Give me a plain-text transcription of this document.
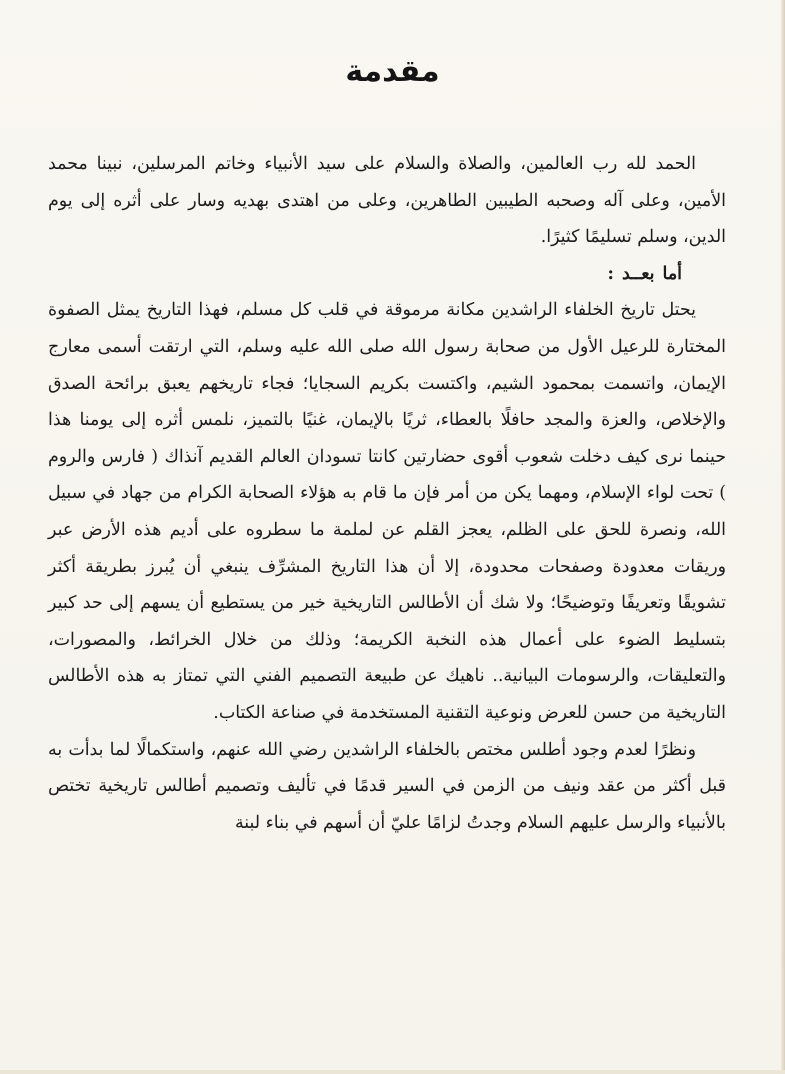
مقدمة

الحمد لله رب العالمين، والصلاة والسلام على سيد الأنبياء وخاتم المرسلين، نبينا محمد الأمين، وعلى آله وصحبه الطيبين الطاهرين، وعلى من اهتدى بهديه وسار على أثره إلى يوم الدين، وسلم تسليمًا كثيرًا.

أما بعــد :

يحتل تاريخ الخلفاء الراشدين مكانة مرموقة في قلب كل مسلم، فهذا التاريخ يمثل الصفوة المختارة للرعيل الأول من صحابة رسول الله صلى الله عليه وسلم، التي ارتقت أسمى معارج الإيمان، واتسمت بمحمود الشيم، واكتست بكريم السجايا؛ فجاء تاريخهم يعبق برائحة الصدق والإخلاص، والعزة والمجد حافلًا بالعطاء، ثريًا بالإيمان، غنيًا بالتميز، نلمس أثره إلى يومنا هذا حينما نرى كيف دخلت شعوب أقوى حضارتين كانتا تسودان العالم القديم آنذاك ( فارس والروم ) تحت لواء الإسلام، ومهما يكن من أمر فإن ما قام به هؤلاء الصحابة الكرام من جهاد في سبيل الله، ونصرة للحق على الظلم، يعجز القلم عن لملمة ما سطروه على أديم هذه الأرض عبر وريقات معدودة وصفحات محدودة، إلا أن هذا التاريخ المشرِّف ينبغي أن يُبرز بطريقة أكثر تشويقًا وتعريفًا وتوضيحًا؛ ولا شك أن الأطالس التاريخية خير من يستطيع أن يسهم إلى حد كبير بتسليط الضوء على أعمال هذه النخبة الكريمة؛ وذلك من خلال الخرائط، والمصورات، والتعليقات، والرسومات البيانية.. ناهيك عن طبيعة التصميم الفني التي تمتاز به هذه الأطالس التاريخية من حسن للعرض ونوعية التقنية المستخدمة في صناعة الكتاب.

ونظرًا لعدم وجود أطلس مختص بالخلفاء الراشدين رضي الله عنهم، واستكمالًا لما بدأت به قبل أكثر من عقد ونيف من الزمن في السير قدمًا في تأليف وتصميم أطالس تاريخية تختص بالأنبياء والرسل عليهم السلام وجدتُ لزامًا عليّ أن أسهم في بناء لبنة
